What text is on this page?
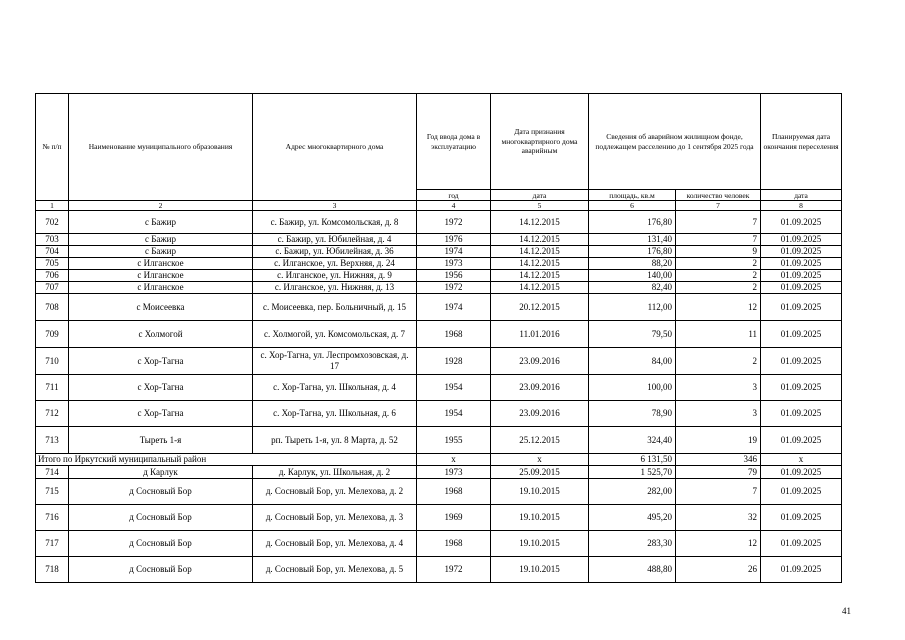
№ п/п	Наименование муниципального образования	Адрес многоквартирного дома	Год ввода дома в эксплуатацию	Дата признания многоквартирного дома аварийным	Сведения об аварийном жилищном фонде, подлежащем расселению до 1 сентября 2025 года		Планируемая дата окончания переселения
			год	дата	площадь, кв.м	количество человек	дата
1	2	3	4	5	6	7	8
702	с Бажир	с. Бажир, ул. Комсомольская, д. 8	1972	14.12.2015	176,80	7	01.09.2025
703	с Бажир	с. Бажир, ул. Юбилейная, д. 4	1976	14.12.2015	131,40	7	01.09.2025
704	с Бажир	с. Бажир, ул. Юбилейная, д. 36	1974	14.12.2015	176,80	9	01.09.2025
705	с Илганское	с. Илганское, ул. Верхняя, д. 24	1973	14.12.2015	88,20	2	01.09.2025
706	с Илганское	с. Илганское, ул. Нижняя, д. 9	1956	14.12.2015	140,00	2	01.09.2025
707	с Илганское	с. Илганское, ул. Нижняя, д. 13	1972	14.12.2015	82,40	2	01.09.2025
708	с Моисеевка	с. Моисеевка, пер. Больничный, д. 15	1974	20.12.2015	112,00	12	01.09.2025
709	с Холмогой	с. Холмогой, ул. Комсомольская, д. 7	1968	11.01.2016	79,50	11	01.09.2025
710	с Хор-Тагна	с. Хор-Тагна, ул. Леспромхозовская, д. 17	1928	23.09.2016	84,00	2	01.09.2025
711	с Хор-Тагна	с. Хор-Тагна, ул. Школьная, д. 4	1954	23.09.2016	100,00	3	01.09.2025
712	с Хор-Тагна	с. Хор-Тагна, ул. Школьная, д. 6	1954	23.09.2016	78,90	3	01.09.2025
713	Тыреть 1-я	рп. Тыреть 1-я, ул. 8 Марта, д. 52	1955	25.12.2015	324,40	19	01.09.2025
Итого по Иркутский муниципальный район			x	x	6 131,50	346	x
714	д Карлук	д. Карлук, ул. Школьная, д. 2	1973	25.09.2015	1 525,70	79	01.09.2025
715	д Сосновый Бор	д. Сосновый Бор, ул. Мелехова, д. 2	1968	19.10.2015	282,00	7	01.09.2025
716	д Сосновый Бор	д. Сосновый Бор, ул. Мелехова, д. 3	1969	19.10.2015	495,20	32	01.09.2025
717	д Сосновый Бор	д. Сосновый Бор, ул. Мелехова, д. 4	1968	19.10.2015	283,30	12	01.09.2025
718	д Сосновый Бор	д. Сосновый Бор, ул. Мелехова, д. 5	1972	19.10.2015	488,80	26	01.09.2025
41
